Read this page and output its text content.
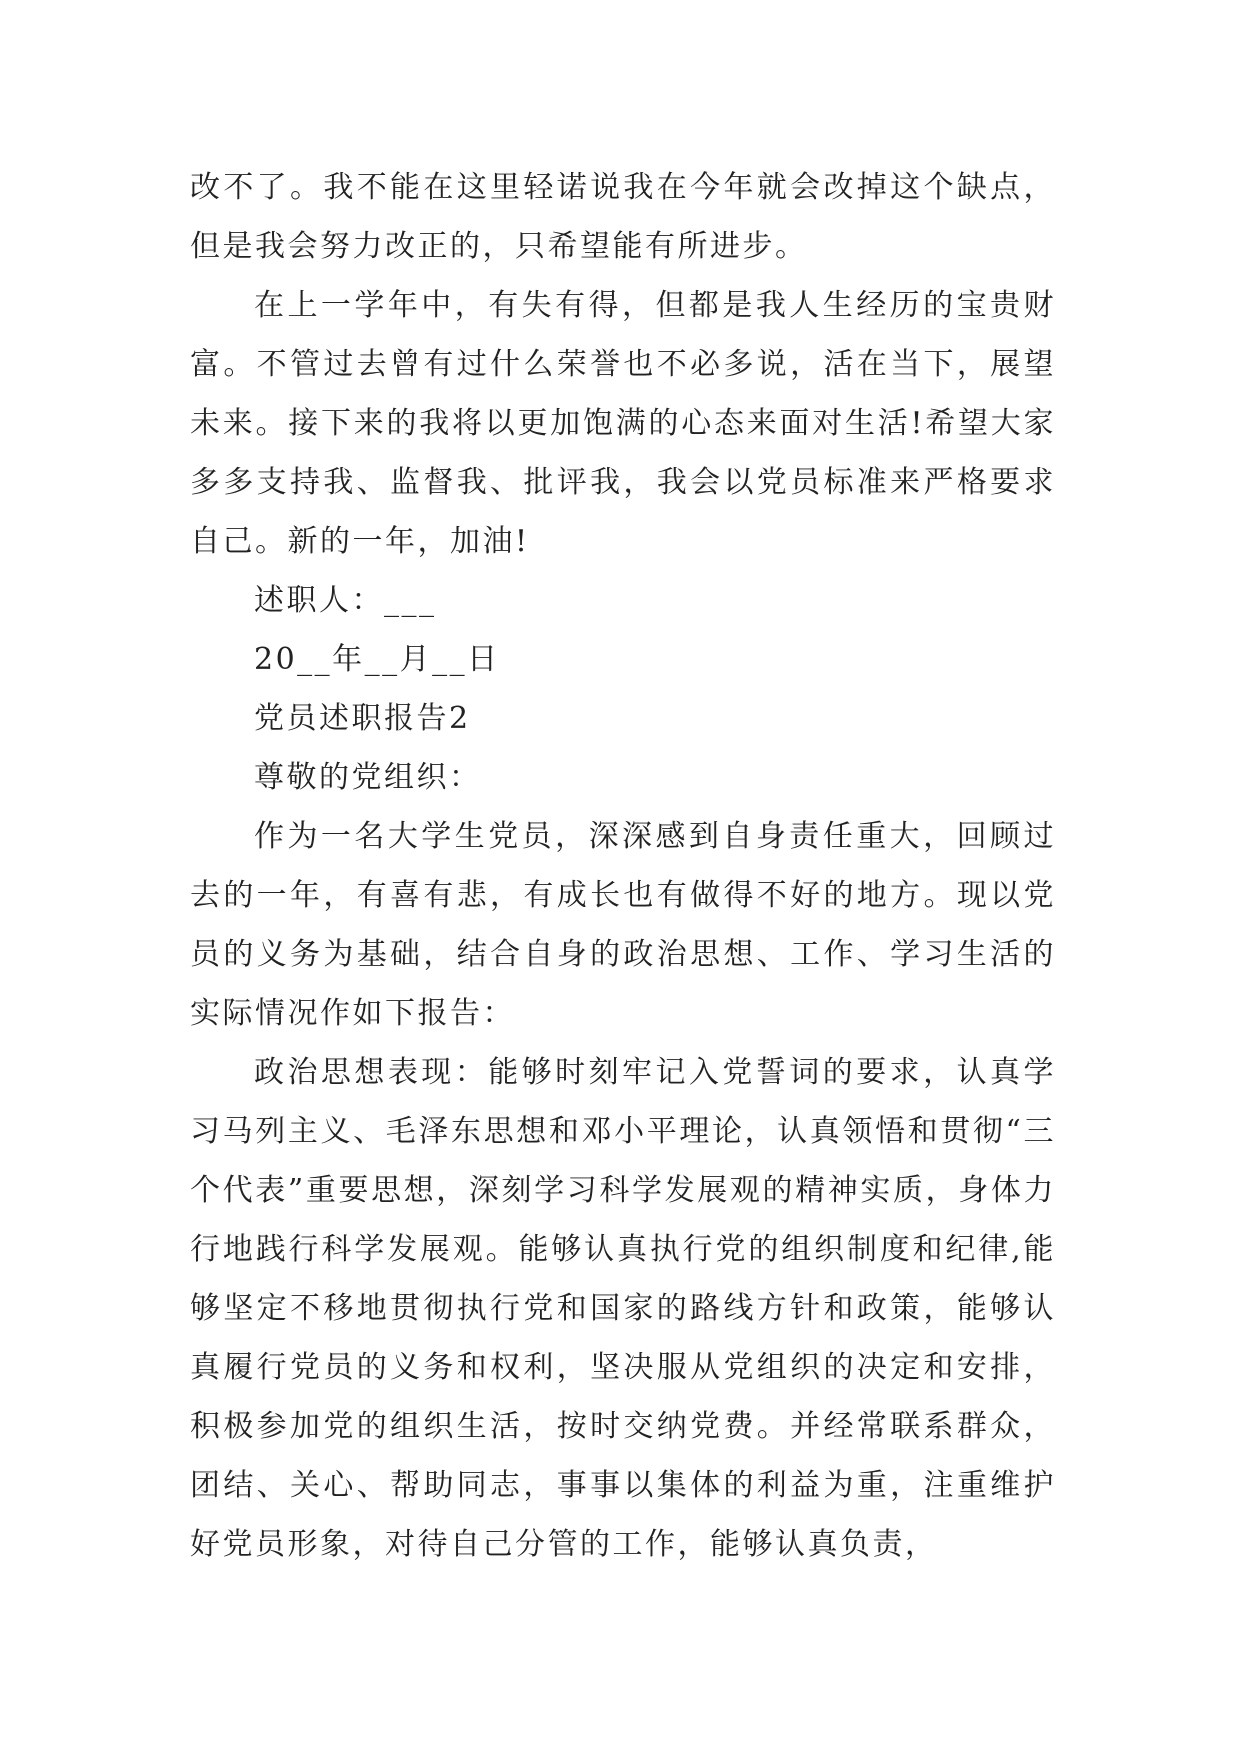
改不了。我不能在这里轻诺说我在今年就会改掉这个缺点，但是我会努力改正的，只希望能有所进步。

在上一学年中，有失有得，但都是我人生经历的宝贵财富。不管过去曾有过什么荣誉也不必多说，活在当下，展望未来。接下来的我将以更加饱满的心态来面对生活!希望大家多多支持我、监督我、批评我，我会以党员标准来严格要求自己。新的一年，加油!

述职人：___
20__年__月__日
党员述职报告2
尊敬的党组织：

作为一名大学生党员，深深感到自身责任重大，回顾过去的一年，有喜有悲，有成长也有做得不好的地方。现以党员的义务为基础，结合自身的政治思想、工作、学习生活的实际情况作如下报告：

政治思想表现：能够时刻牢记入党誓词的要求，认真学习马列主义、毛泽东思想和邓小平理论，认真领悟和贯彻“三个代表”重要思想，深刻学习科学发展观的精神实质，身体力行地践行科学发展观。能够认真执行党的组织制度和纪律,能够坚定不移地贯彻执行党和国家的路线方针和政策，能够认真履行党员的义务和权利，坚决服从党组织的决定和安排，积极参加党的组织生活，按时交纳党费。并经常联系群众，团结、关心、帮助同志，事事以集体的利益为重，注重维护好党员形象，对待自己分管的工作，能够认真负责，
